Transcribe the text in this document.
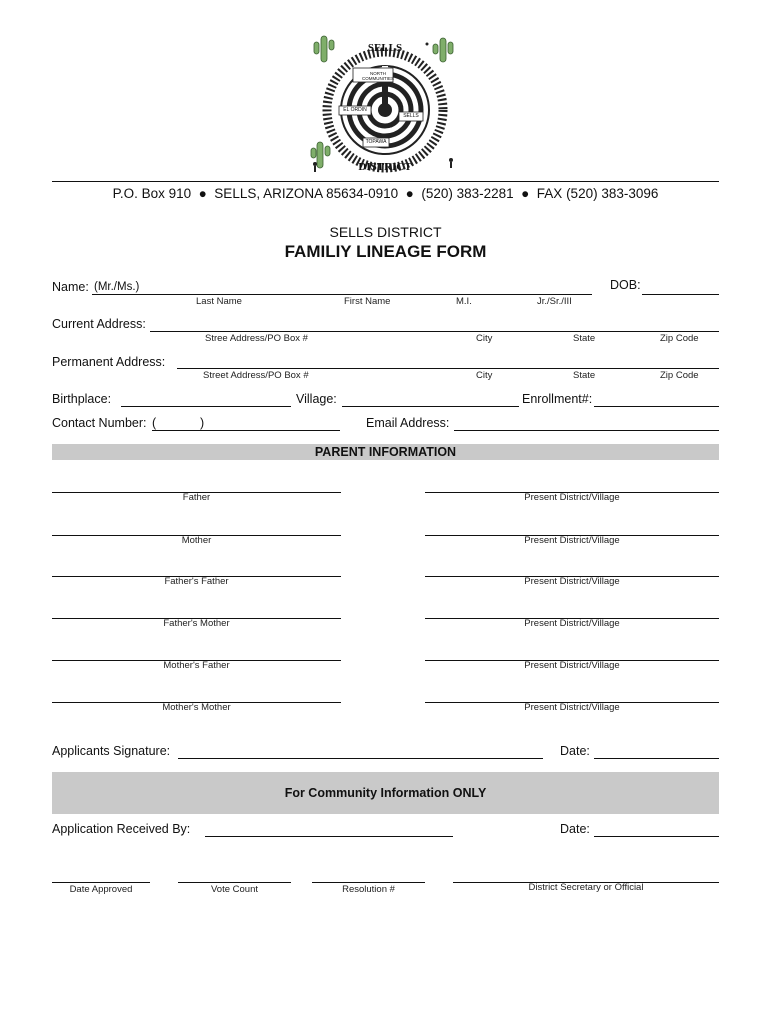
SELLS
DISTRICT
NORTH COMMUNITIES
EL ORDIN
SELLS
TOPAWA
P.O. Box 910  ●  SELLS, ARIZONA 85634-0910  ●  (520) 383-2281  ●  FAX (520) 383-3096
SELLS DISTRICT
FAMILIY LINEAGE FORM
Name: (Mr./Ms.)	DOB:
Last Name	First Name	M.I.	Jr./Sr./III
Current Address:
Stree Address/PO Box #	City	State	Zip Code
Permanent Address:
Street Address/PO Box #	City	State	Zip Code
Birthplace:	Village:	Enrollment#:
Contact Number: (	)	Email Address:
PARENT INFORMATION
Father	Present District/Village
Mother	Present District/Village
Father's Father	Present District/Village
Father's Mother	Present District/Village
Mother's Father	Present District/Village
Mother's Mother	Present District/Village
Applicants Signature:	Date:
For Community Information ONLY
Application Received By:	Date:
Date Approved	Vote Count	Resolution #	District Secretary or Official
